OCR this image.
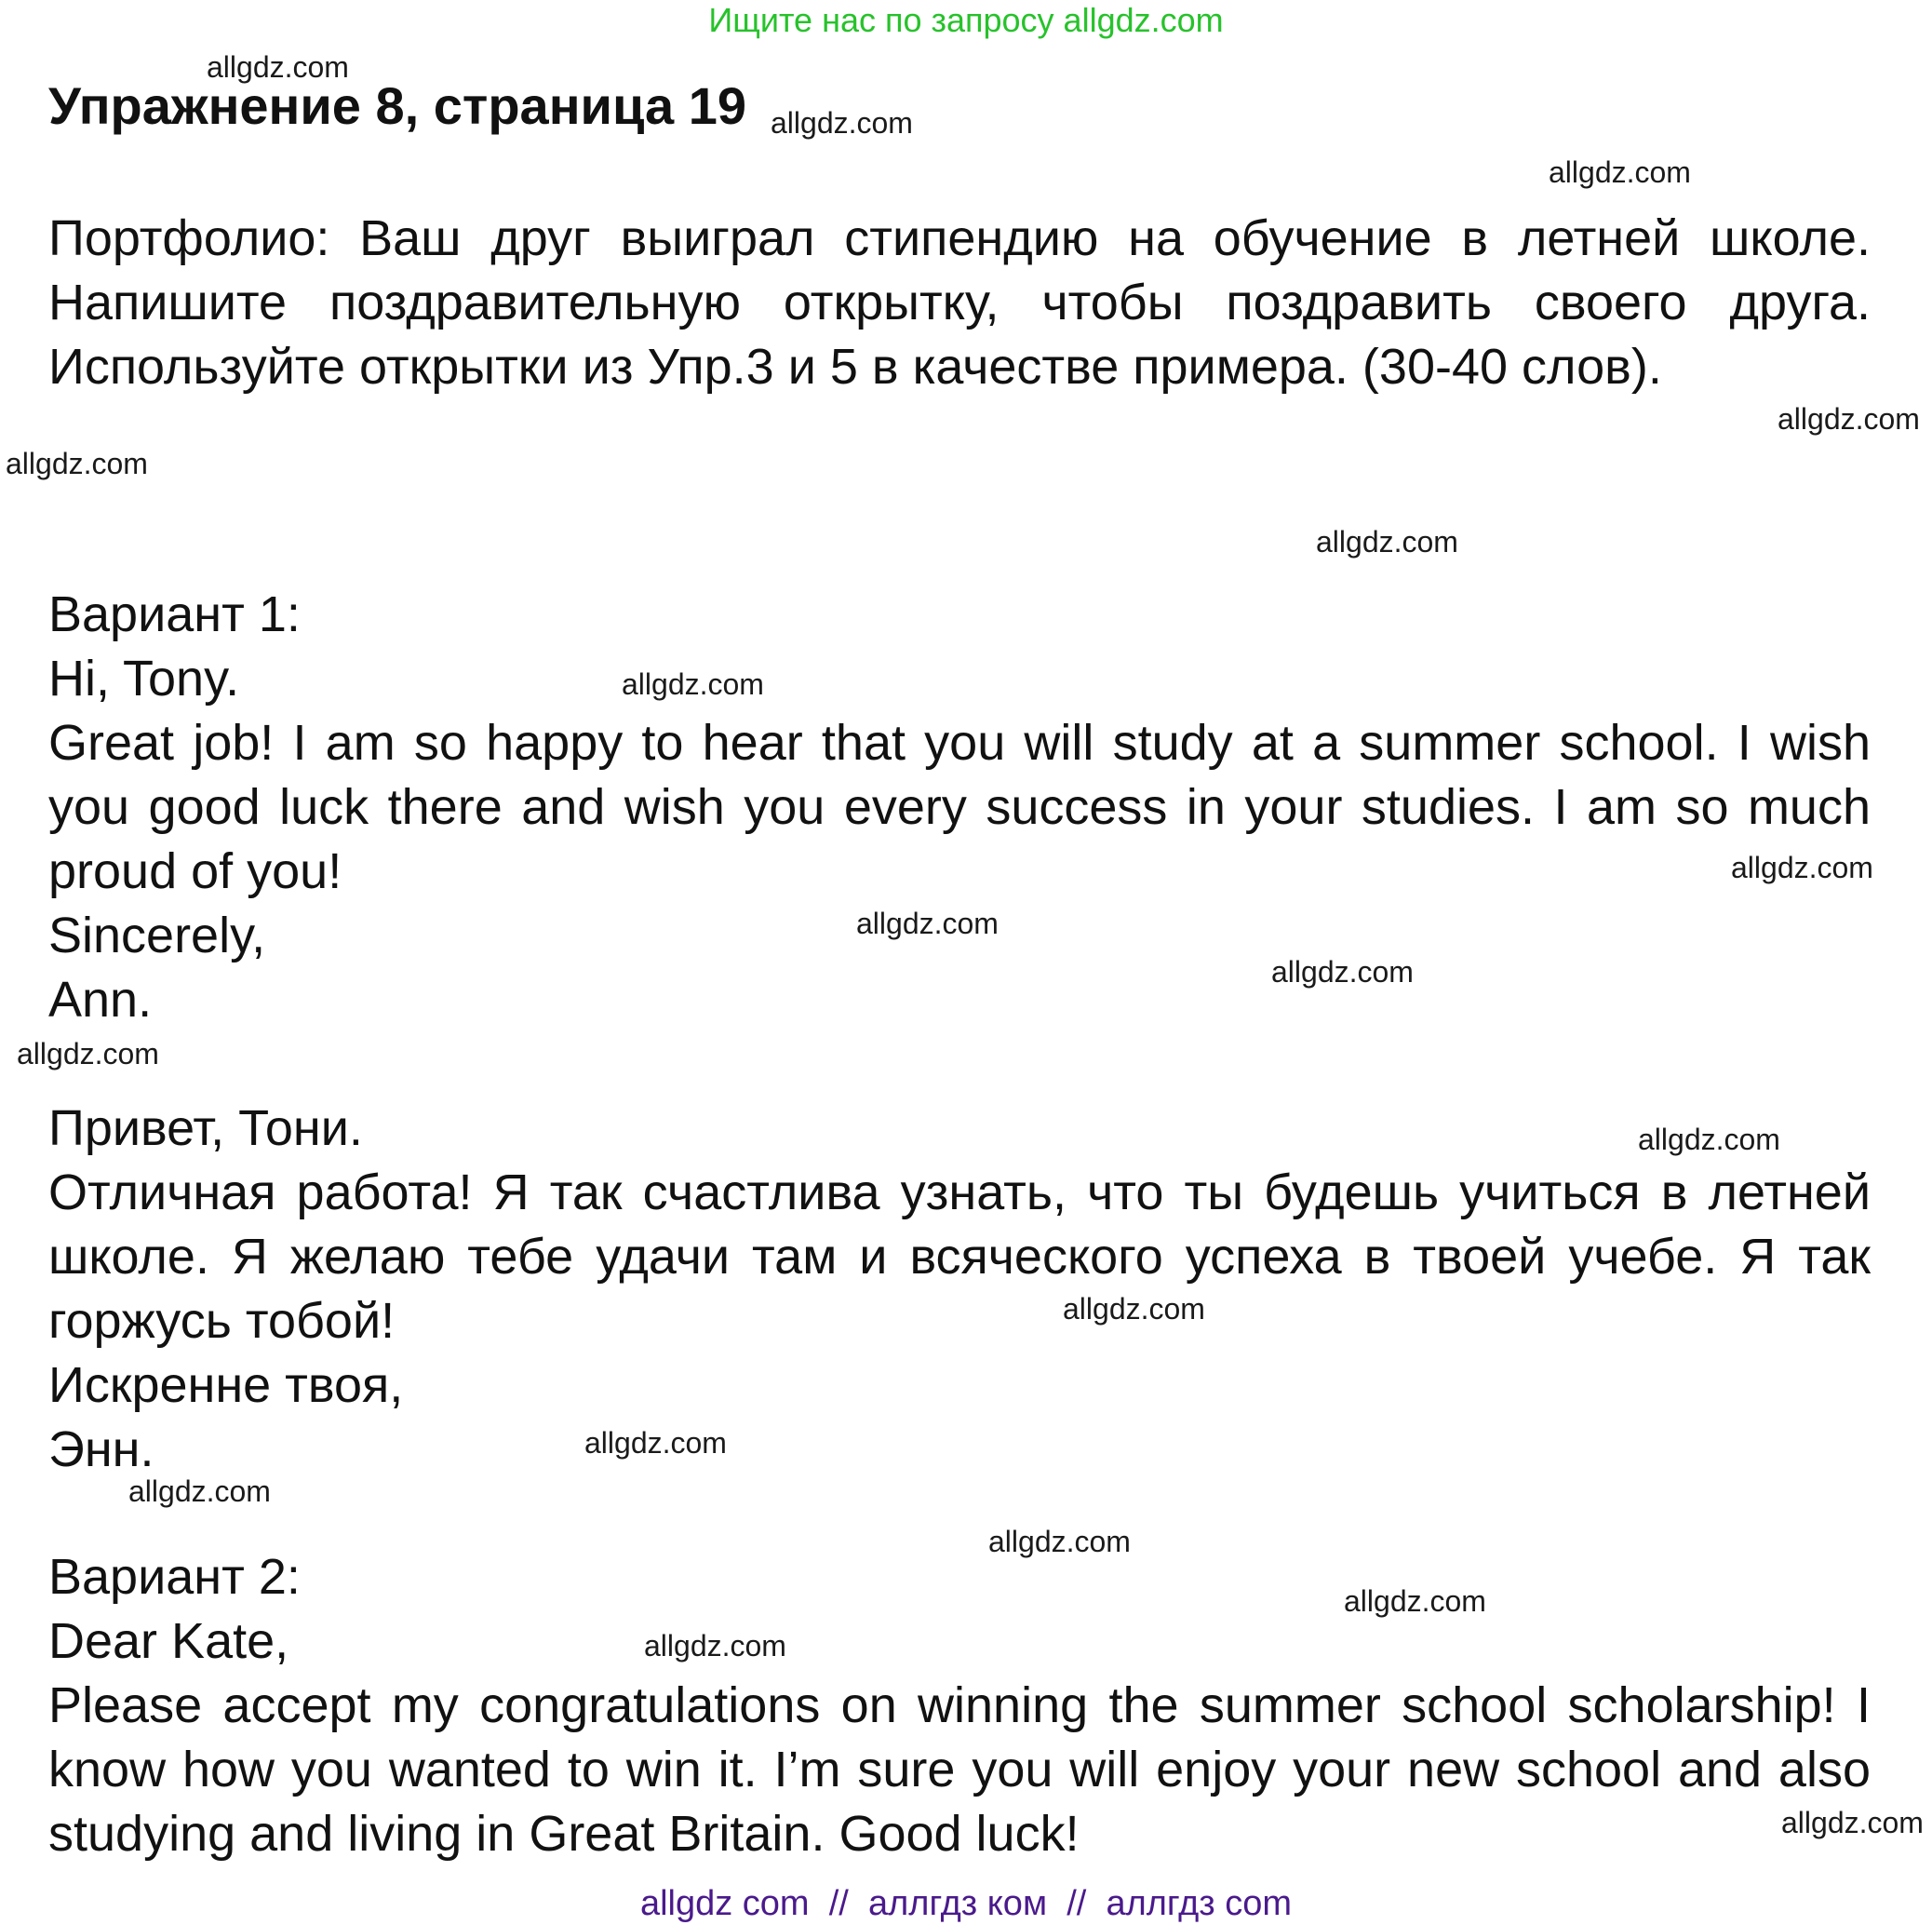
Ищите нас по запросу allgdz.com
Упражнение 8, страница 19
Портфолио: Ваш друг выиграл стипендию на обучение в летней школе. Напишите поздравительную открытку, чтобы поздравить своего друга. Используйте открытки из Упр.3 и 5 в качестве примера. (30-40 слов).
Вариант 1:
Hi, Tony.
Great job! I am so happy to hear that you will study at a summer school. I wish you good luck there and wish you every success in your studies. I am so much proud of you!
Sincerely,
Ann.
Привет, Тони.
Отличная работа! Я так счастлива узнать, что ты будешь учиться в летней школе. Я желаю тебе удачи там и всяческого успеха в твоей учебе. Я так горжусь тобой!
Искренне твоя,
Энн.
Вариант 2:
Dear Kate,
Please accept my congratulations on winning the summer school scholarship! I know how you wanted to win it. I’m sure you will enjoy your new school and also studying and living in Great Britain. Good luck!
allgdz.com
allgdz.com
allgdz.com
allgdz.com
allgdz.com
allgdz.com
allgdz.com
allgdz.com
allgdz.com
allgdz.com
allgdz.com
allgdz.com
allgdz.com
allgdz.com
allgdz.com
allgdz.com
allgdz.com
allgdz.com
allgdz.com
allgdz com // аллгдз ком // аллгдз com
